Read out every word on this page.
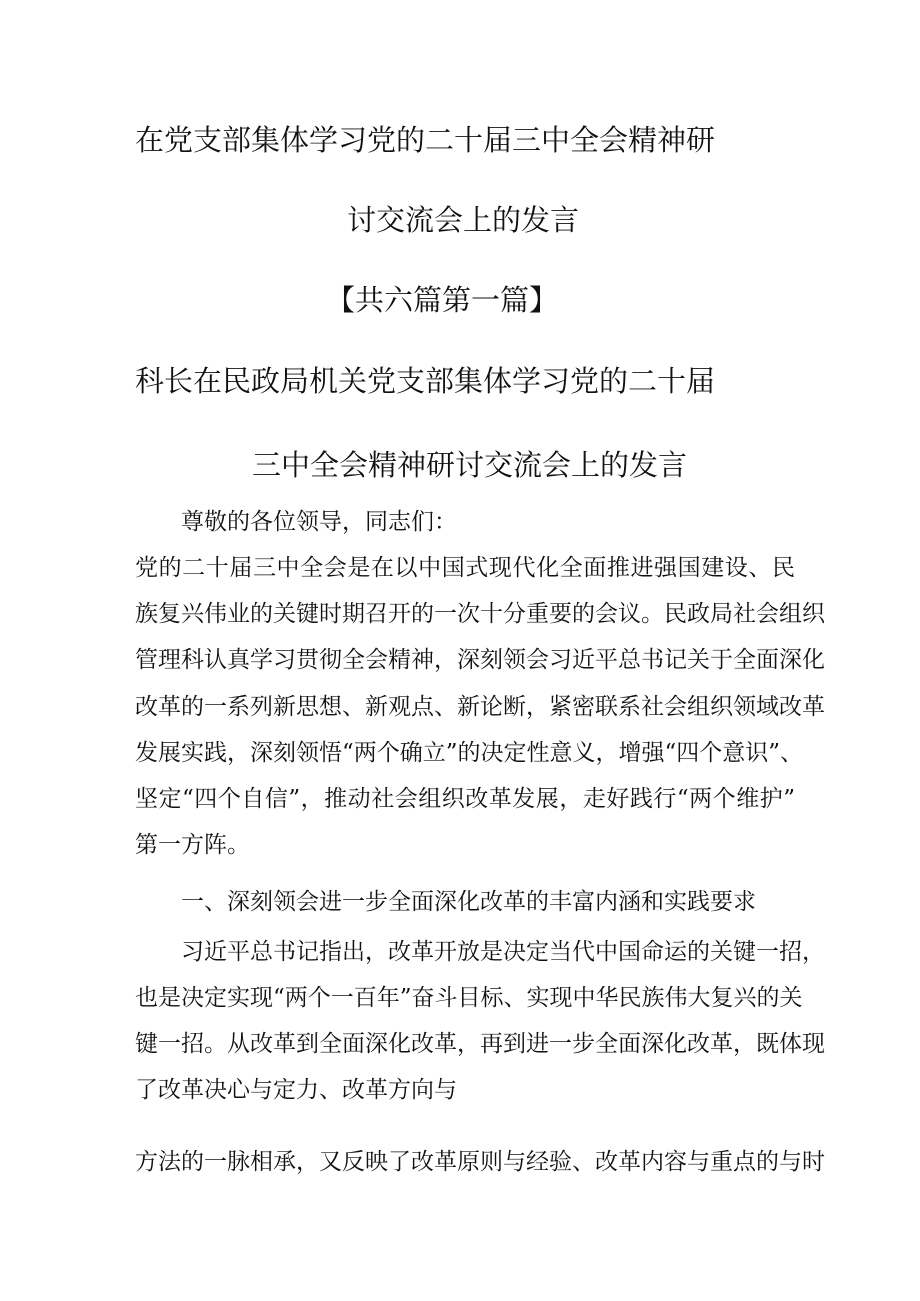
在党支部集体学习党的二十届三中全会精神研
讨交流会上的发言
【共六篇第一篇】
科长在民政局机关党支部集体学习党的二十届
三中全会精神研讨交流会上的发言
尊敬的各位领导，同志们：
党的二十届三中全会是在以中国式现代化全面推进强国建设、民
族复兴伟业的关键时期召开的一次十分重要的会议。民政局社会组织
管理科认真学习贯彻全会精神，深刻领会习近平总书记关于全面深化
改革的一系列新思想、新观点、新论断，紧密联系社会组织领域改革
发展实践，深刻领悟“两个确立”的决定性意义，增强“四个意识”、
坚定“四个自信”，推动社会组织改革发展，走好践行“两个维护”
第一方阵。
一、深刻领会进一步全面深化改革的丰富内涵和实践要求
习近平总书记指出，改革开放是决定当代中国命运的关键一招，
也是决定实现“两个一百年”奋斗目标、实现中华民族伟大复兴的关
键一招。从改革到全面深化改革，再到进一步全面深化改革，既体现
了改革决心与定力、改革方向与
方法的一脉相承，又反映了改革原则与经验、改革内容与重点的与时
